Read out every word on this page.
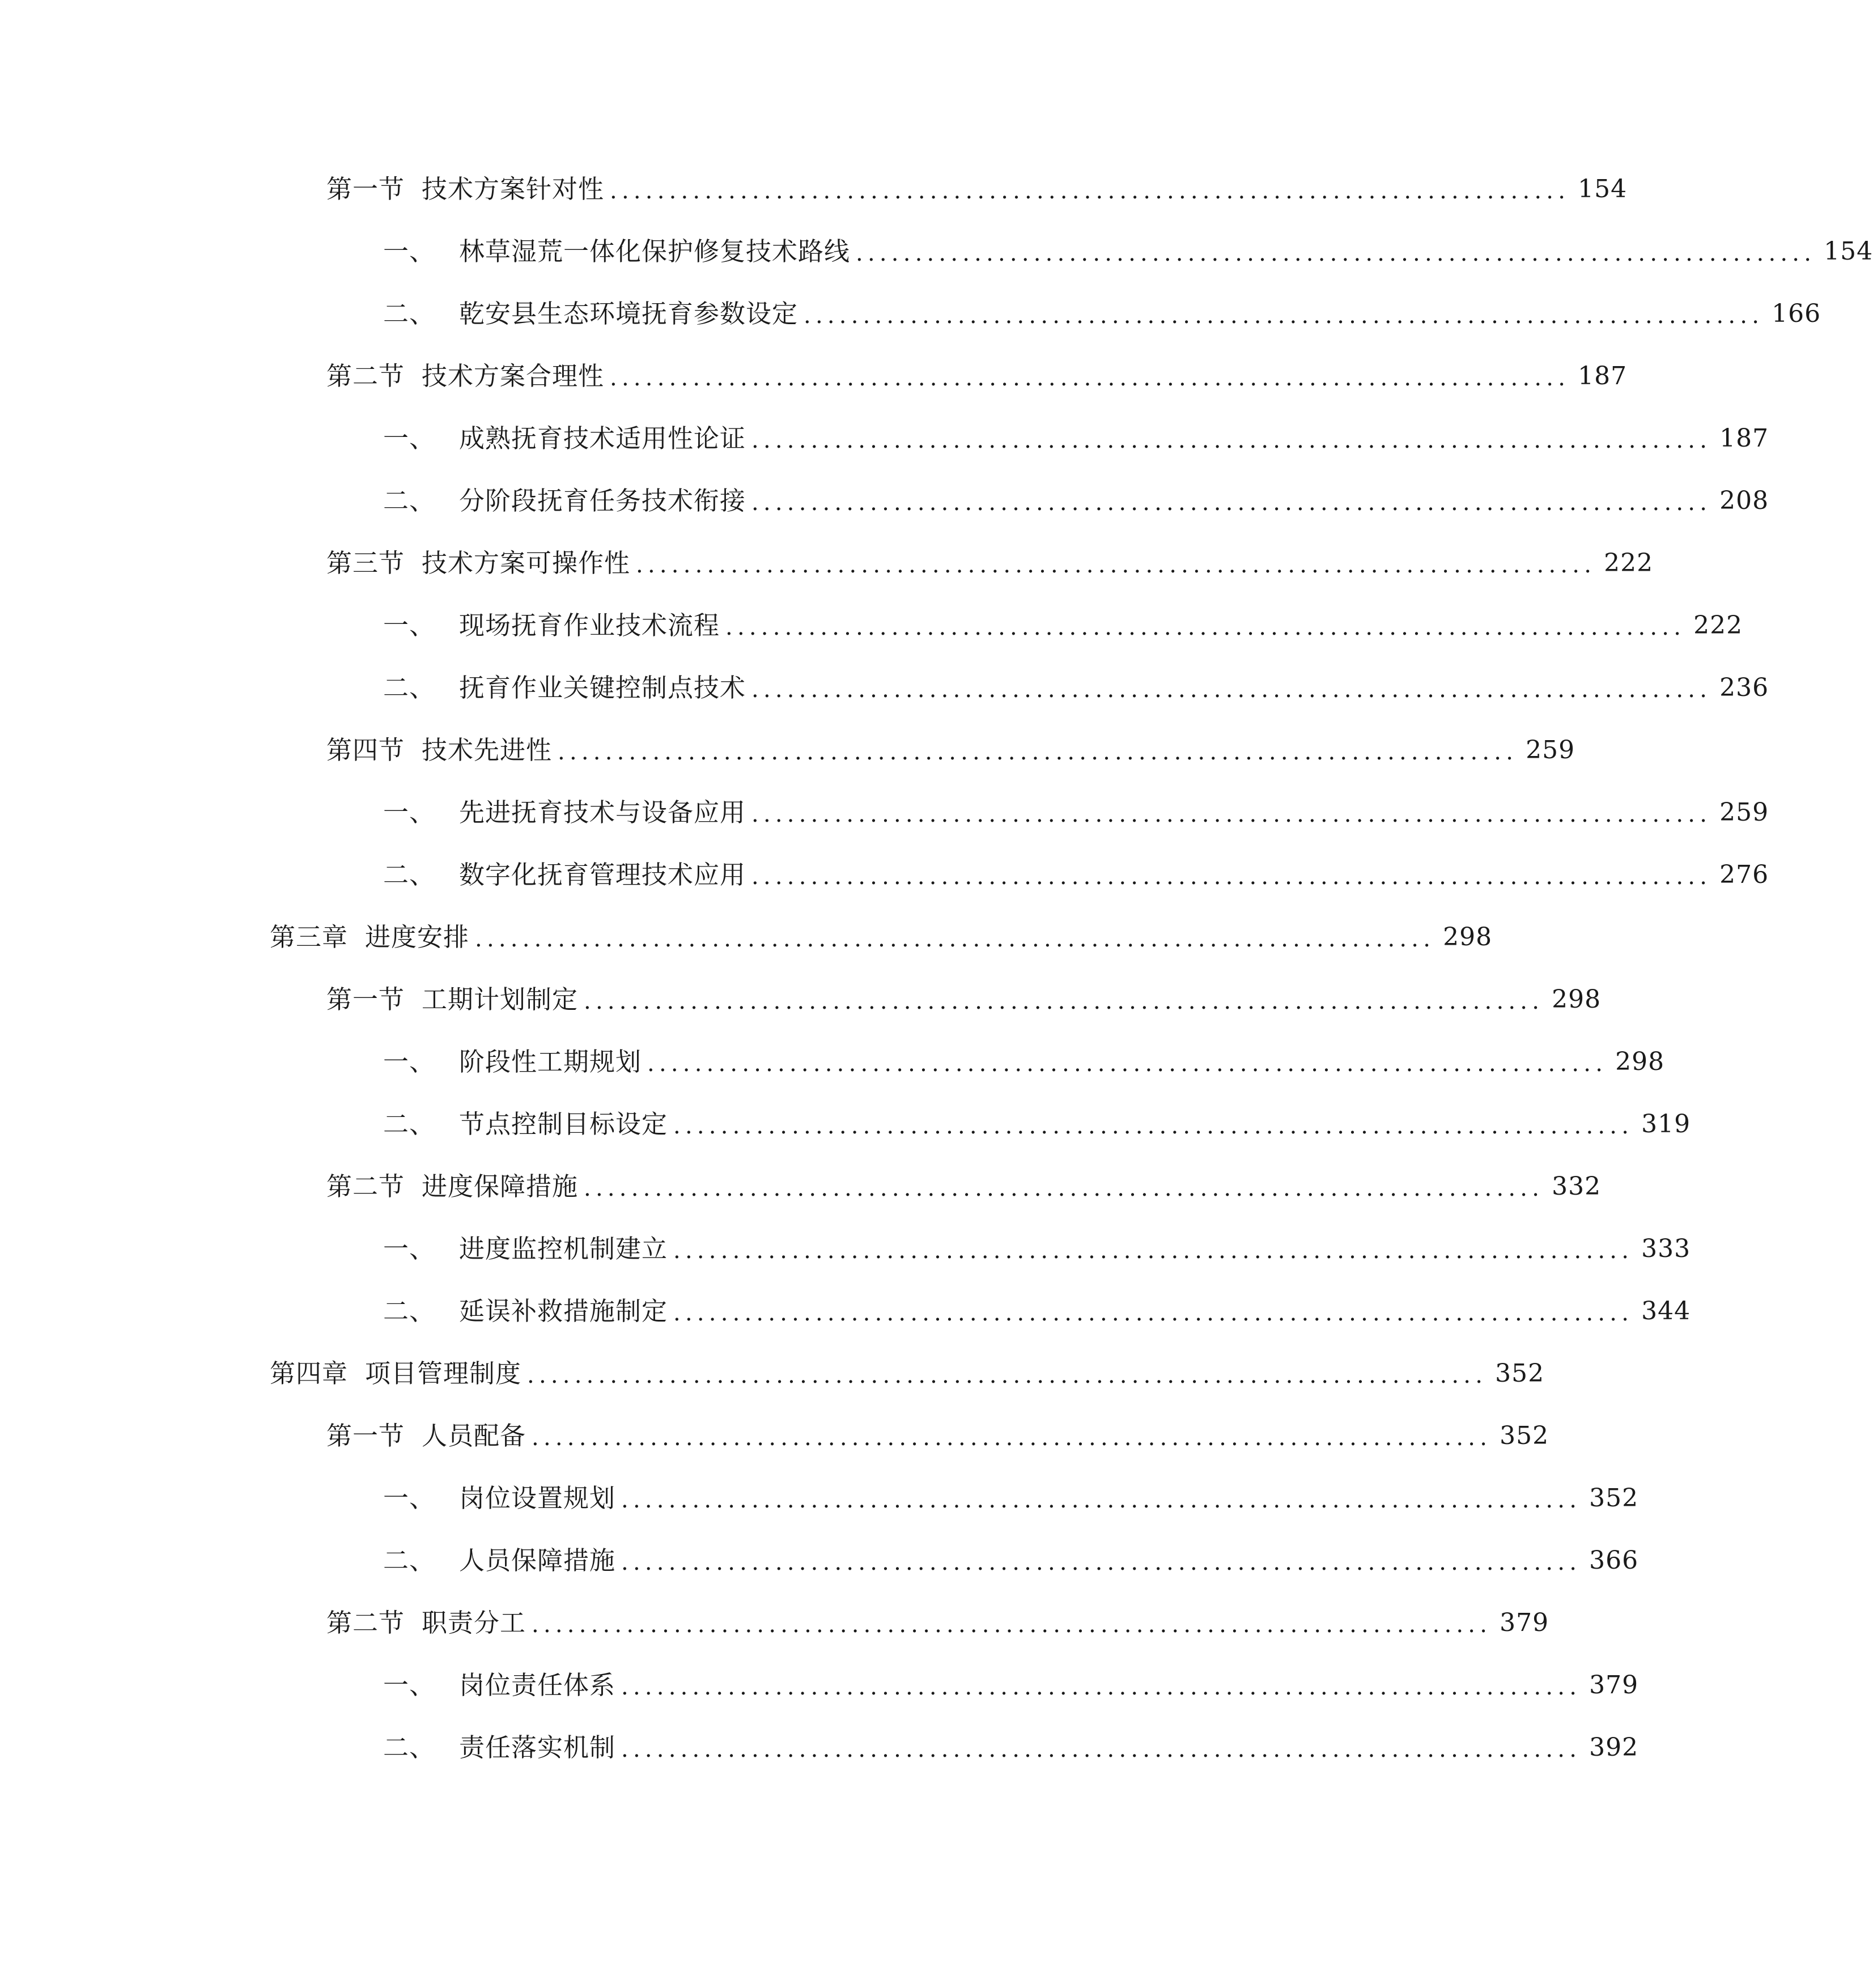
第一节 技术方案针对性 ................................................................................. 154
一、 林草湿荒一体化保护修复技术路线 ................................................................................. 154
二、 乾安县生态环境抚育参数设定 ................................................................................. 166
第二节 技术方案合理性 ................................................................................. 187
一、 成熟抚育技术适用性论证 ................................................................................. 187
二、 分阶段抚育任务技术衔接 ................................................................................. 208
第三节 技术方案可操作性 ................................................................................. 222
一、 现场抚育作业技术流程 ................................................................................. 222
二、 抚育作业关键控制点技术 ................................................................................. 236
第四节 技术先进性 ................................................................................. 259
一、 先进抚育技术与设备应用 ................................................................................. 259
二、 数字化抚育管理技术应用 ................................................................................. 276
第三章 进度安排 ................................................................................. 298
第一节 工期计划制定 ................................................................................. 298
一、 阶段性工期规划 ................................................................................. 298
二、 节点控制目标设定 ................................................................................. 319
第二节 进度保障措施 ................................................................................. 332
一、 进度监控机制建立 ................................................................................. 333
二、 延误补救措施制定 ................................................................................. 344
第四章 项目管理制度 ................................................................................. 352
第一节 人员配备 ................................................................................. 352
一、 岗位设置规划 ................................................................................. 352
二、 人员保障措施 ................................................................................. 366
第二节 职责分工 ................................................................................. 379
一、 岗位责任体系 ................................................................................. 379
二、 责任落实机制 ................................................................................. 392
